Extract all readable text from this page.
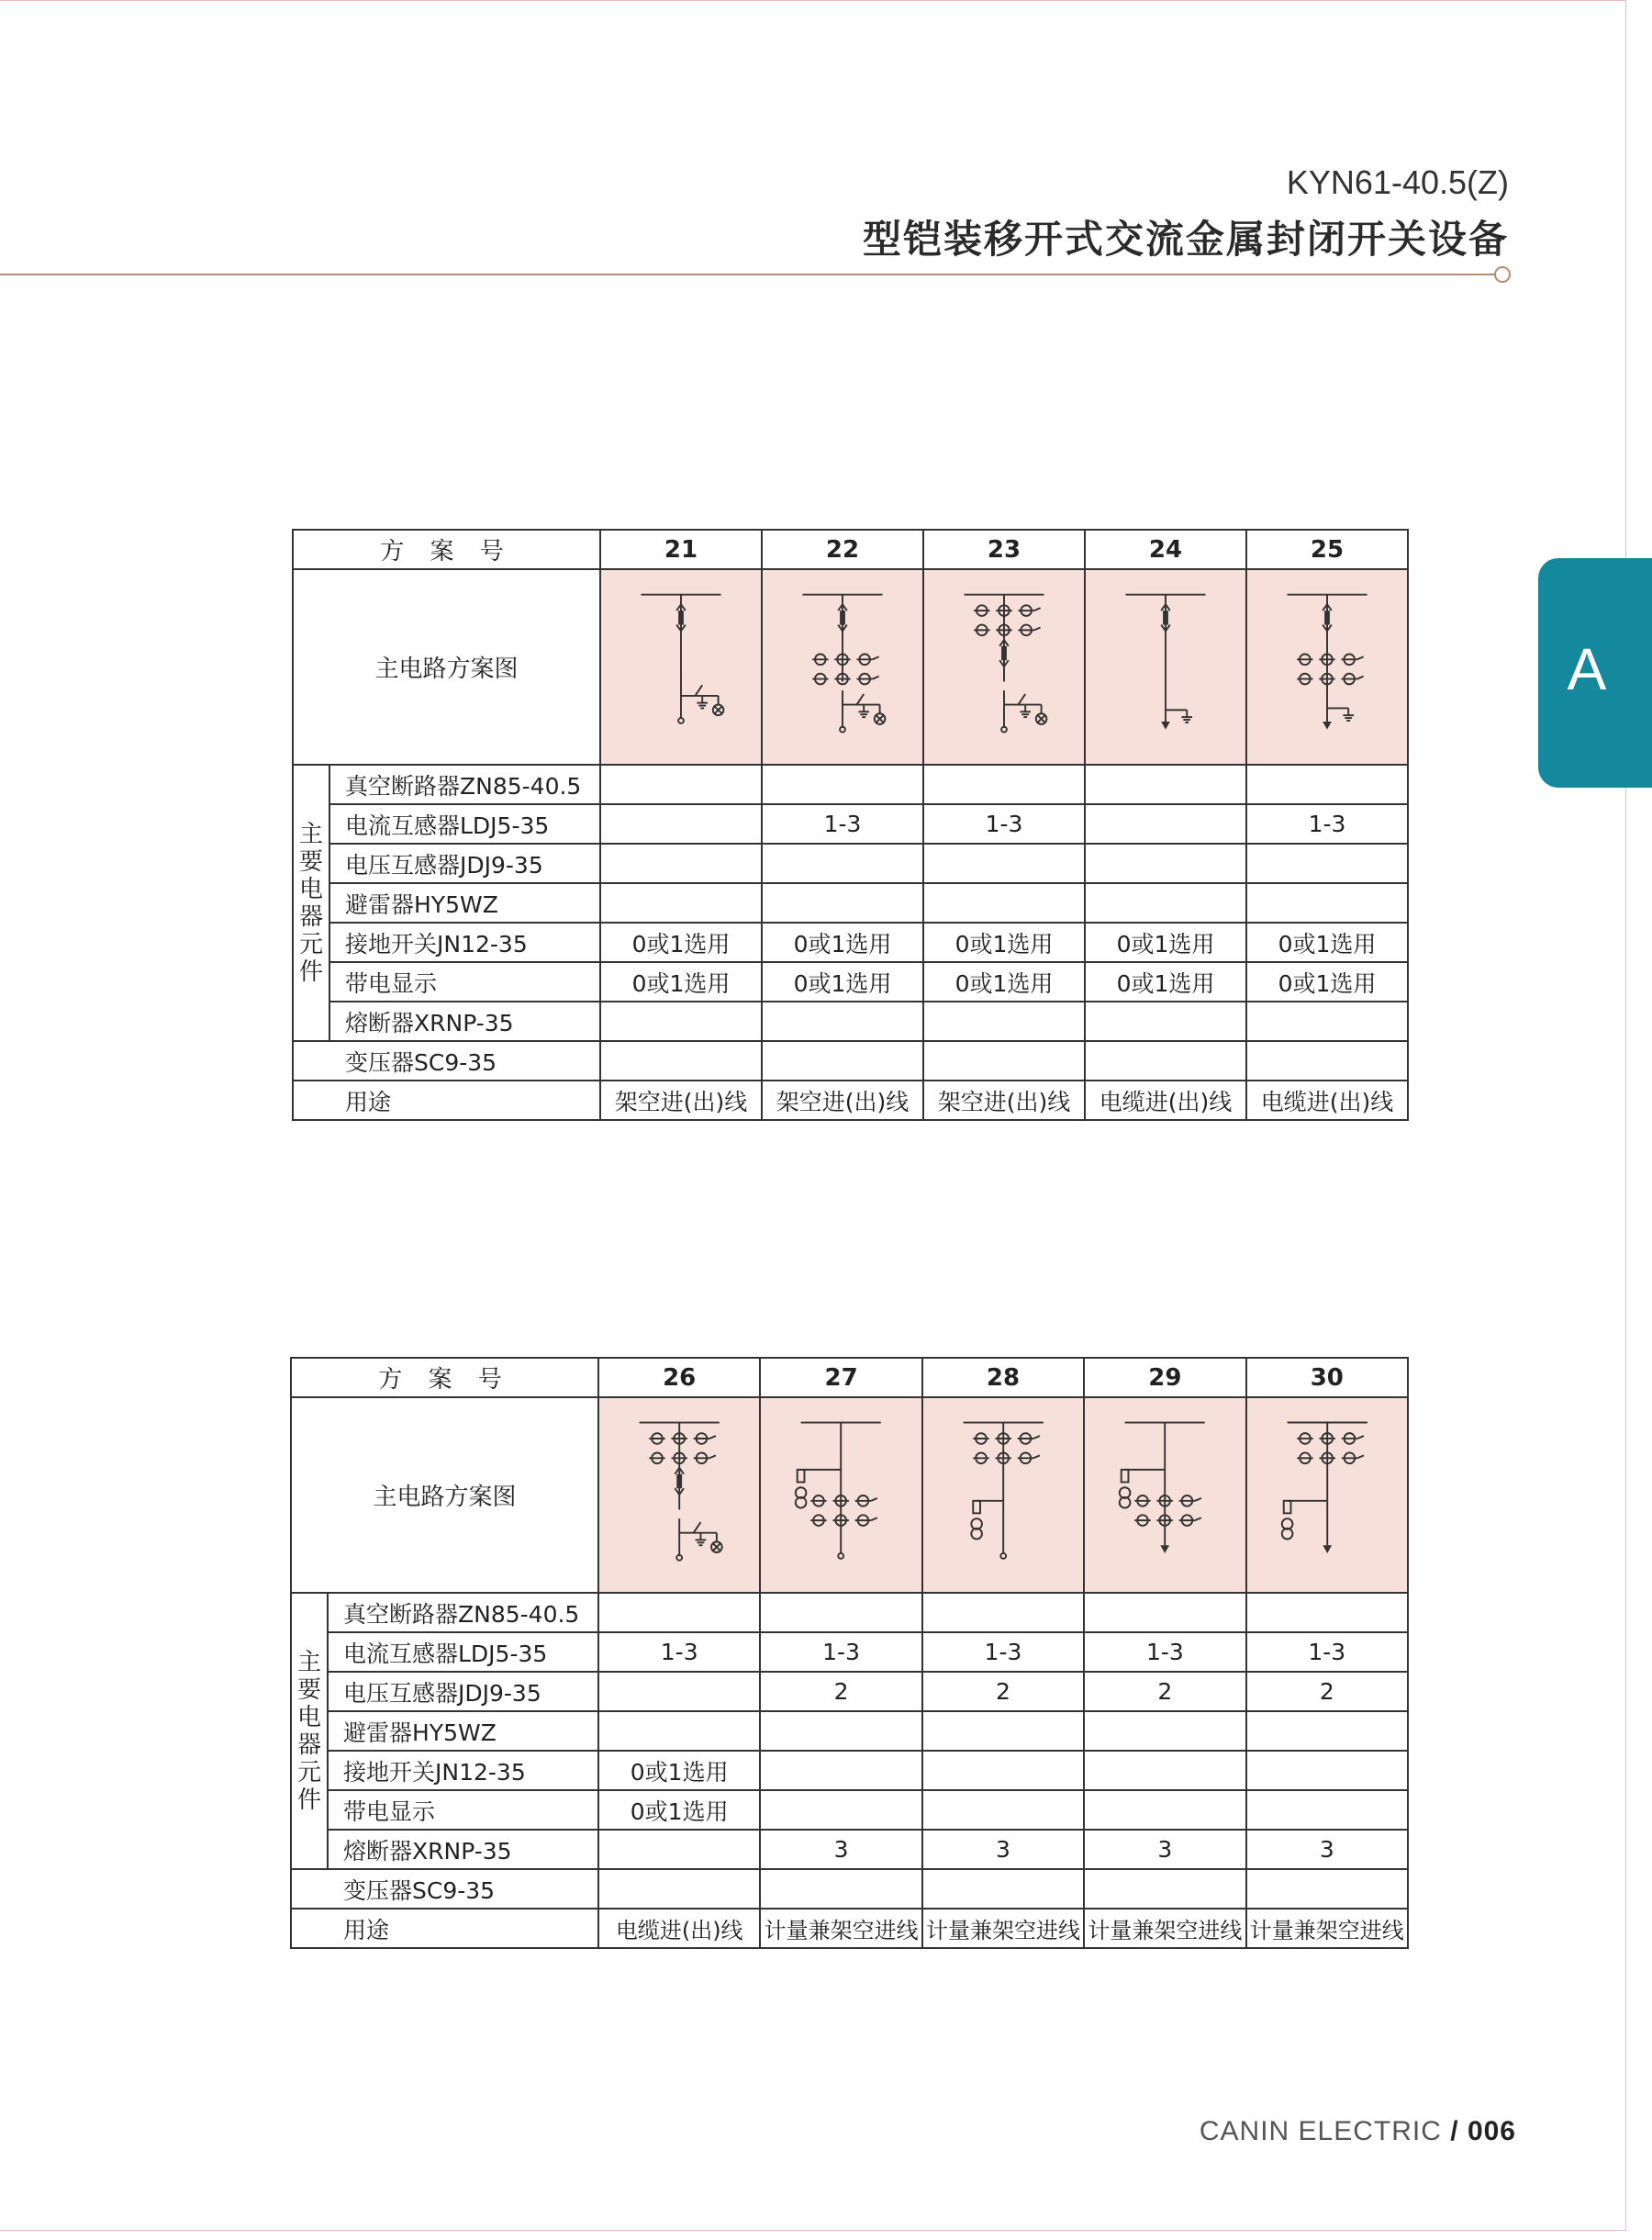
KYN61-40.5(Z)
型铠装移开式交流金属封闭开关设备
A
方 案 号		21	22	23	24	25
主电路方案图	

主要电器元件	真空断路器ZN85-40.5					
	电流互感器LDJ5-35		1-3	1-3		1-3
	电压互感器JDJ9-35					
	避雷器HY5WZ					
	接地开关JN12-35	0或1选用	0或1选用	0或1选用	0或1选用	0或1选用
	带电显示	0或1选用	0或1选用	0或1选用	0或1选用	0或1选用
	熔断器XRNP-35					
变压器SC9-35						
用途		架空进(出)线	架空进(出)线	架空进(出)线	电缆进(出)线	电缆进(出)线
方 案 号		26	27	28	29	30
主电路方案图	

主要电器元件	真空断路器ZN85-40.5					
	电流互感器LDJ5-35	1-3	1-3	1-3	1-3	1-3
	电压互感器JDJ9-35		2	2	2	2
	避雷器HY5WZ					
	接地开关JN12-35	0或1选用				
	带电显示	0或1选用				
	熔断器XRNP-35		3	3	3	3
变压器SC9-35						
用途		电缆进(出)线	计量兼架空进线	计量兼架空进线	计量兼架空进线	计量兼架空进线
CANIN ELECTRIC / 006
